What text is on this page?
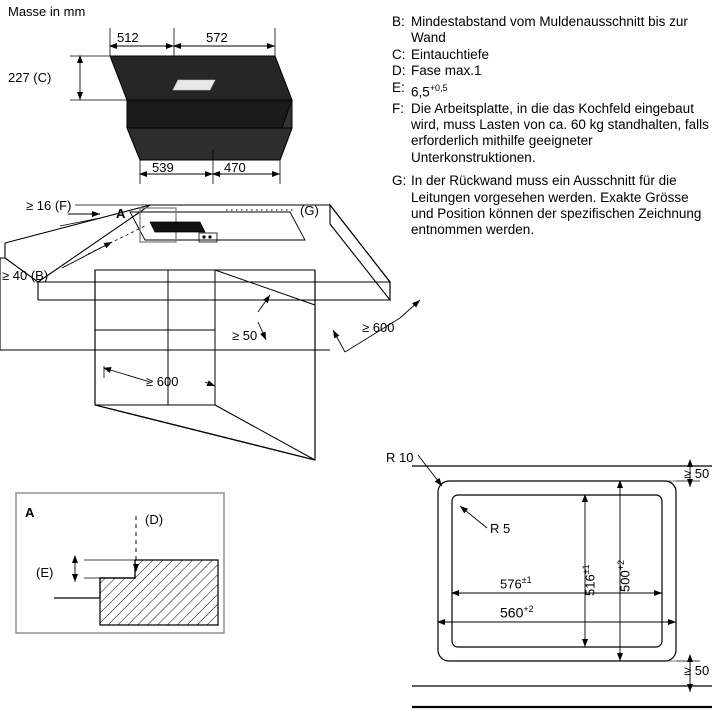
Masse in mm
B: Mindestabstand vom Muldenausschnitt bis zur Wand
C: Eintauchtiefe
D: Fase max.1
E: $6,5^{+0,5}$
F: Die Arbeitsplatte, in die das Kochfeld eingebaut wird, muss Lasten von ca. 60 kg standhalten, falls erforderlich mithilfe geeigneter Unterkonstruktionen.
G: In der Rückwand muss ein Ausschnitt für die Leitungen vorgesehen werden. Exakte Grösse und Position können der spezifischen Zeichnung entnommen werden.
512	572
227 (C)
539	470
≥ 16 (F)
A	(G)
≥ 40 (B)
≥ 50
≥ 600
≥ 600
A	(D)
(E)
R 10
R 5
≥ 50
≥ 50
$500^{+2}$
$516^{\pm 1}$
$576^{\pm 1}$
$560^{+2}$
